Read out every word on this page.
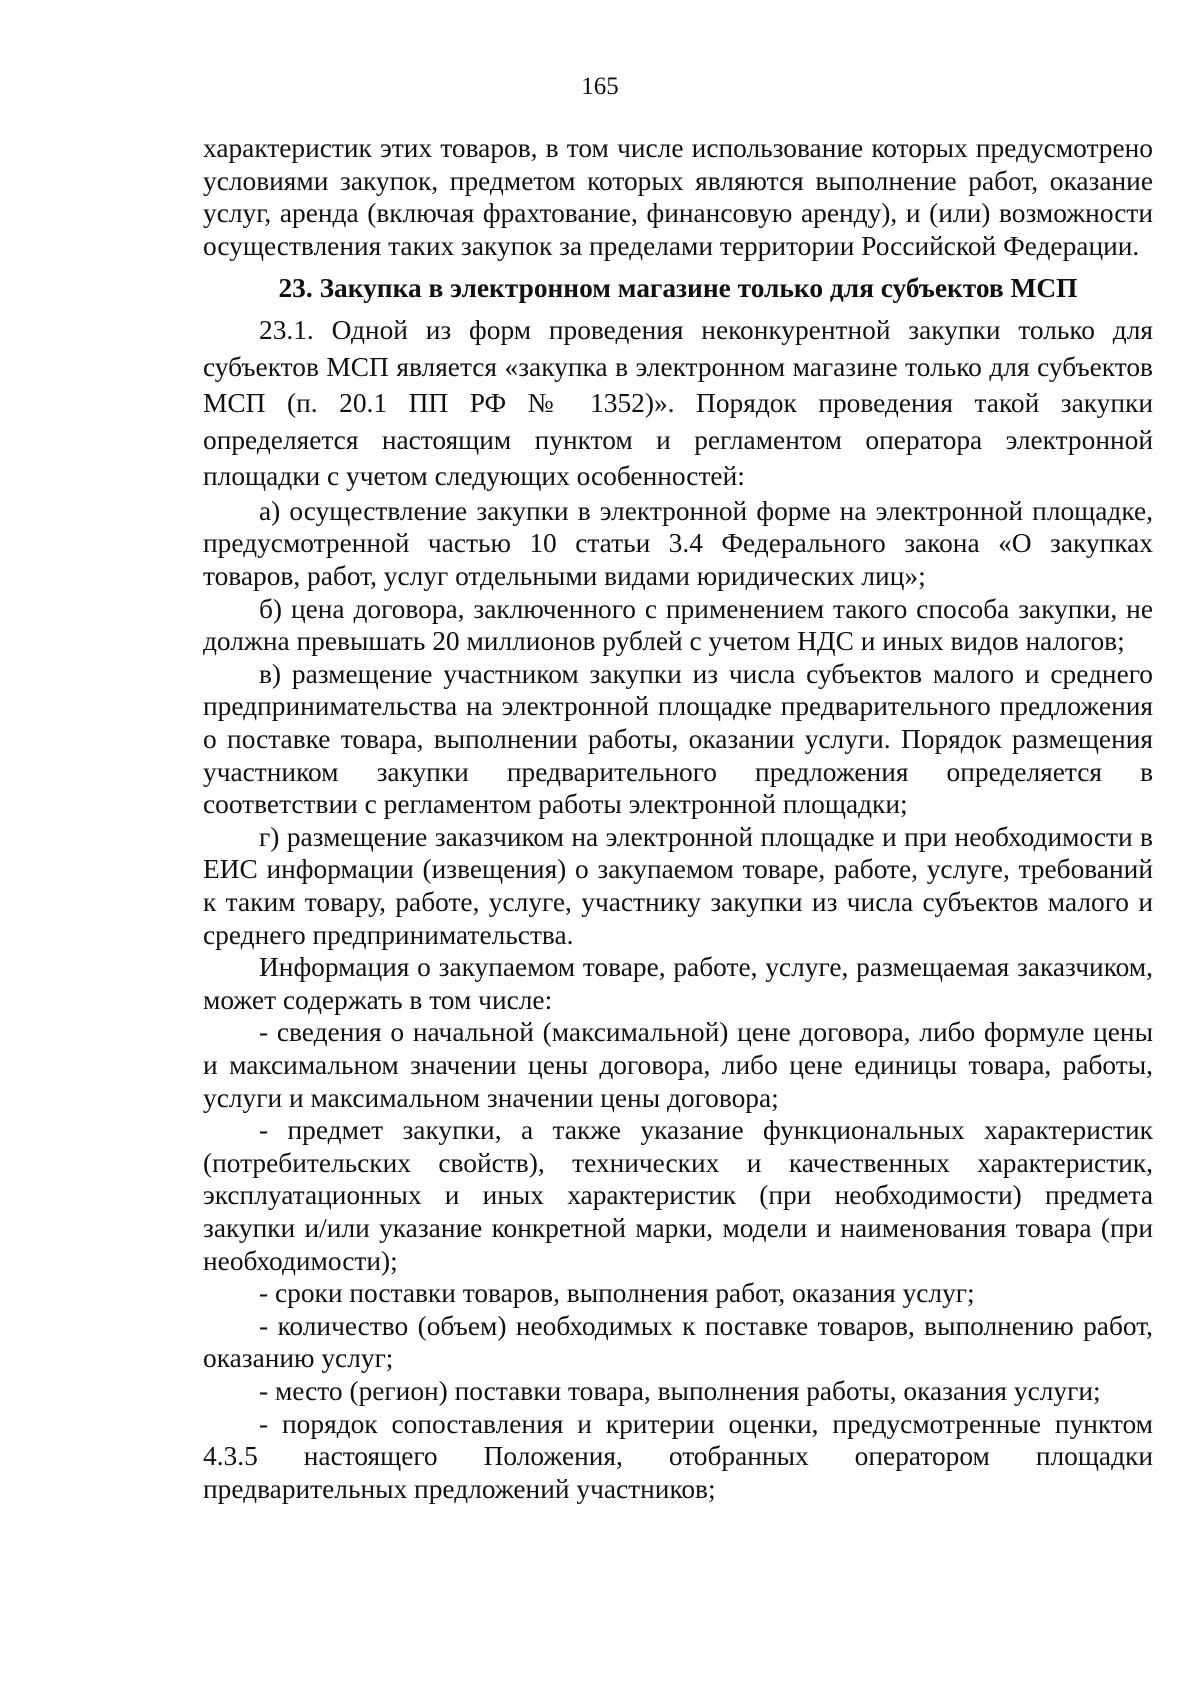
165

характеристик этих товаров, в том числе использование которых предусмотрено условиями закупок, предметом которых являются выполнение работ, оказание услуг, аренда (включая фрахтование, финансовую аренду), и (или) возможности осуществления таких закупок за пределами территории Российской Федерации.

23. Закупка в электронном магазине только для субъектов МСП

23.1. Одной из форм проведения неконкурентной закупки только для субъектов МСП является «закупка в электронном магазине только для субъектов МСП (п. 20.1 ПП РФ № 1352)». Порядок проведения такой закупки определяется настоящим пунктом и регламентом оператора электронной площадки с учетом следующих особенностей:

а) осуществление закупки в электронной форме на электронной площадке, предусмотренной частью 10 статьи 3.4 Федерального закона «О закупках товаров, работ, услуг отдельными видами юридических лиц»;

б) цена договора, заключенного с применением такого способа закупки, не должна превышать 20 миллионов рублей с учетом НДС и иных видов налогов;

в) размещение участником закупки из числа субъектов малого и среднего предпринимательства на электронной площадке предварительного предложения о поставке товара, выполнении работы, оказании услуги. Порядок размещения участником закупки предварительного предложения определяется в соответствии с регламентом работы электронной площадки;

г) размещение заказчиком на электронной площадке и при необходимости в ЕИС информации (извещения) о закупаемом товаре, работе, услуге, требований к таким товару, работе, услуге, участнику закупки из числа субъектов малого и среднего предпринимательства.

Информация о закупаемом товаре, работе, услуге, размещаемая заказчиком, может содержать в том числе:

- сведения о начальной (максимальной) цене договора, либо формуле цены и максимальном значении цены договора, либо цене единицы товара, работы, услуги и максимальном значении цены договора;

- предмет закупки, а также указание функциональных характеристик (потребительских свойств), технических и качественных характеристик, эксплуатационных и иных характеристик (при необходимости) предмета закупки и/или указание конкретной марки, модели и наименования товара (при необходимости);

- сроки поставки товаров, выполнения работ, оказания услуг;

- количество (объем) необходимых к поставке товаров, выполнению работ, оказанию услуг;

- место (регион) поставки товара, выполнения работы, оказания услуги;

- порядок сопоставления и критерии оценки, предусмотренные пунктом 4.3.5 настоящего Положения, отобранных оператором площадки предварительных предложений участников;
